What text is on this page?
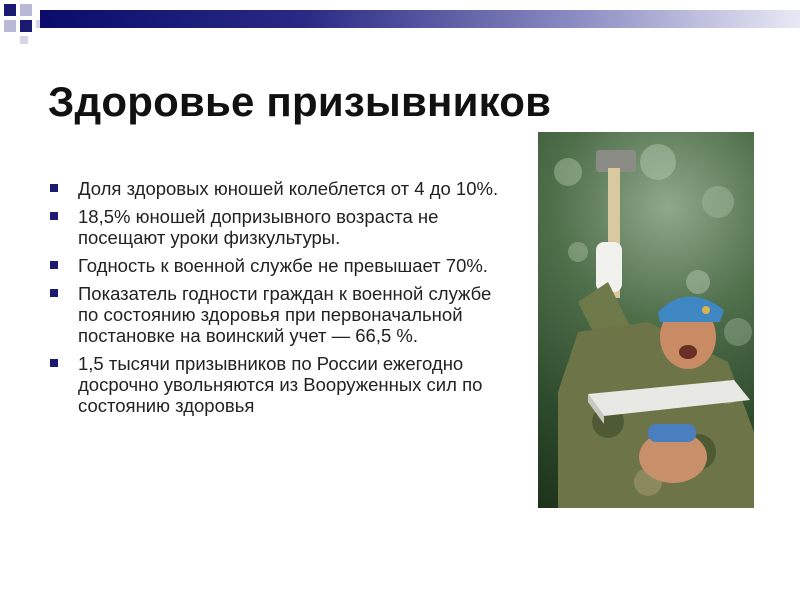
Здоровье призывников
Доля здоровых юношей колеблется от 4 до 10%.
18,5% юношей допризывного возраста не посещают уроки физкультуры.
Годность к военной службе не превышает 70%.
Показатель годности граждан к военной службе по состоянию здоровья при первоначальной постановке на воинский учет — 66,5 %.
1,5 тысячи призывников по России ежегодно досрочно увольняются из Вооруженных сил по состоянию здоровья
